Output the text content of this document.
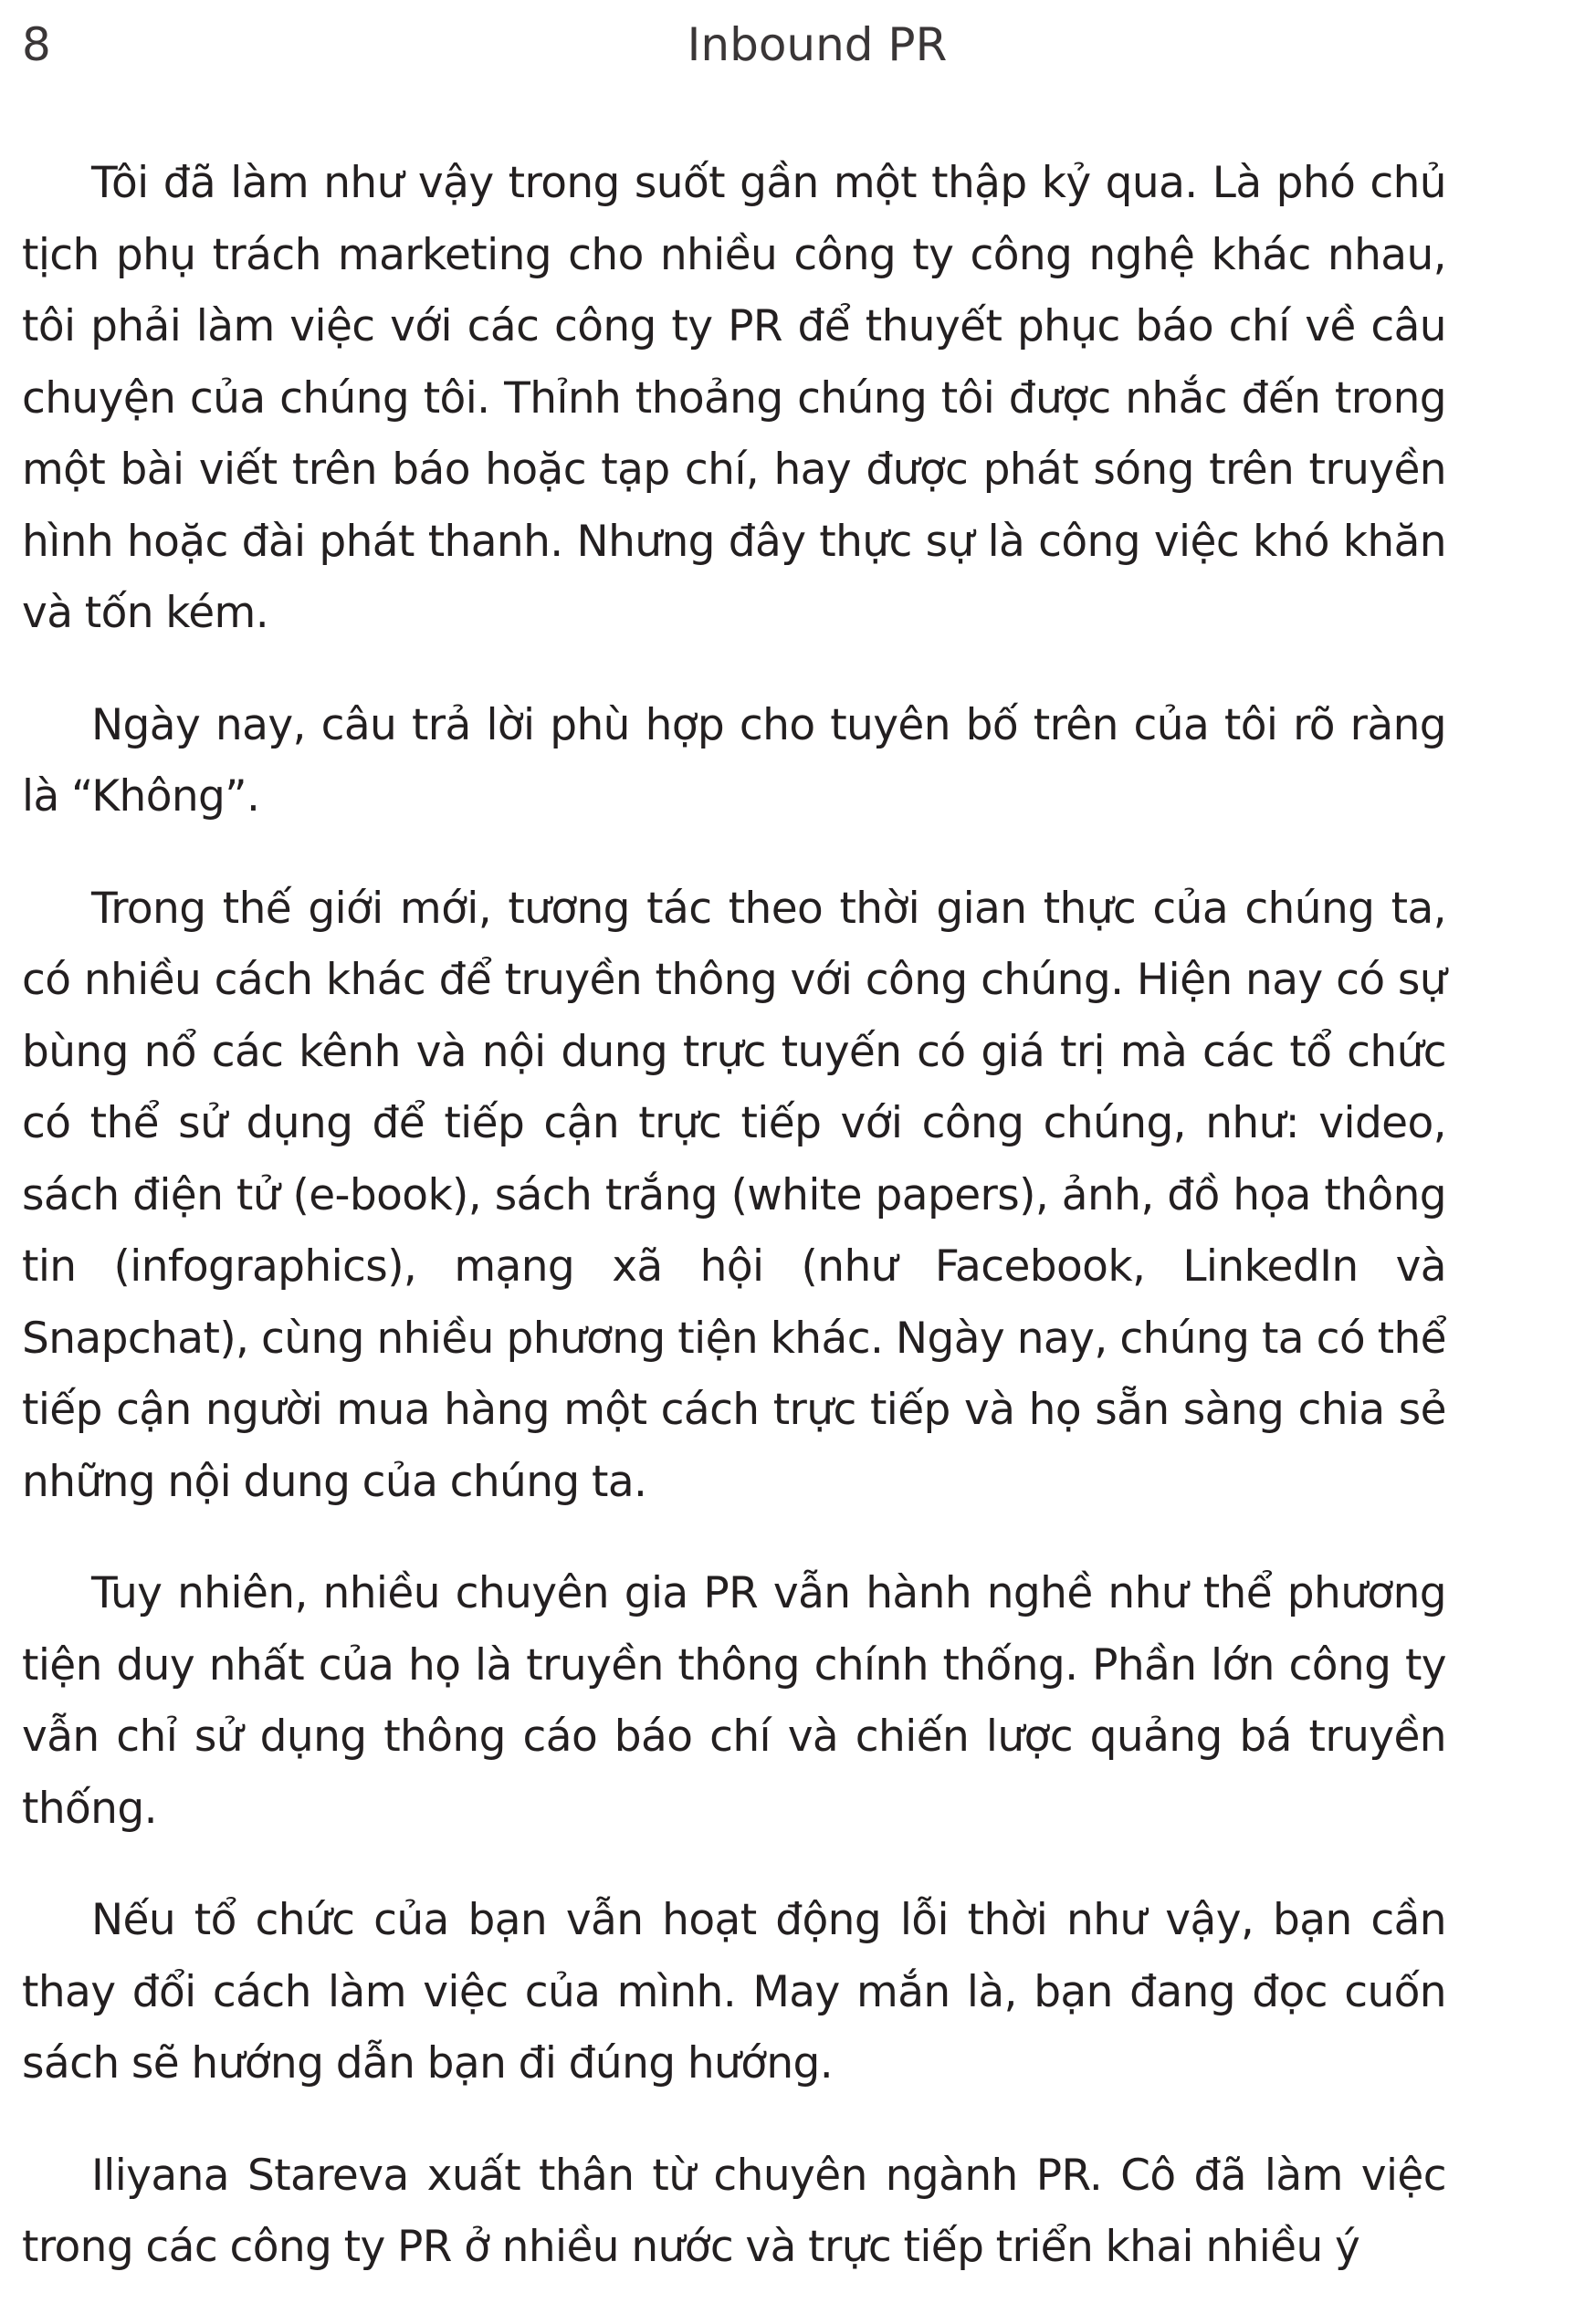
8	Inbound PR

Tôi đã làm như vậy trong suốt gần một thập kỷ qua. Là phó chủ tịch phụ trách marketing cho nhiều công ty công nghệ khác nhau, tôi phải làm việc với các công ty PR để thuyết phục báo chí về câu chuyện của chúng tôi. Thỉnh thoảng chúng tôi được nhắc đến trong một bài viết trên báo hoặc tạp chí, hay được phát sóng trên truyền hình hoặc đài phát thanh. Nhưng đây thực sự là công việc khó khăn và tốn kém.

Ngày nay, câu trả lời phù hợp cho tuyên bố trên của tôi rõ ràng là “Không”.

Trong thế giới mới, tương tác theo thời gian thực của chúng ta, có nhiều cách khác để truyền thông với công chúng. Hiện nay có sự bùng nổ các kênh và nội dung trực tuyến có giá trị mà các tổ chức có thể sử dụng để tiếp cận trực tiếp với công chúng, như: video, sách điện tử (e-book), sách trắng (white papers), ảnh, đồ họa thông tin (infographics), mạng xã hội (như Facebook, LinkedIn và Snapchat), cùng nhiều phương tiện khác. Ngày nay, chúng ta có thể tiếp cận người mua hàng một cách trực tiếp và họ sẵn sàng chia sẻ những nội dung của chúng ta.

Tuy nhiên, nhiều chuyên gia PR vẫn hành nghề như thể phương tiện duy nhất của họ là truyền thông chính thống. Phần lớn công ty vẫn chỉ sử dụng thông cáo báo chí và chiến lược quảng bá truyền thống.

Nếu tổ chức của bạn vẫn hoạt động lỗi thời như vậy, bạn cần thay đổi cách làm việc của mình. May mắn là, bạn đang đọc cuốn sách sẽ hướng dẫn bạn đi đúng hướng.

Iliyana Stareva xuất thân từ chuyên ngành PR. Cô đã làm việc trong các công ty PR ở nhiều nước và trực tiếp triển khai nhiều ý
